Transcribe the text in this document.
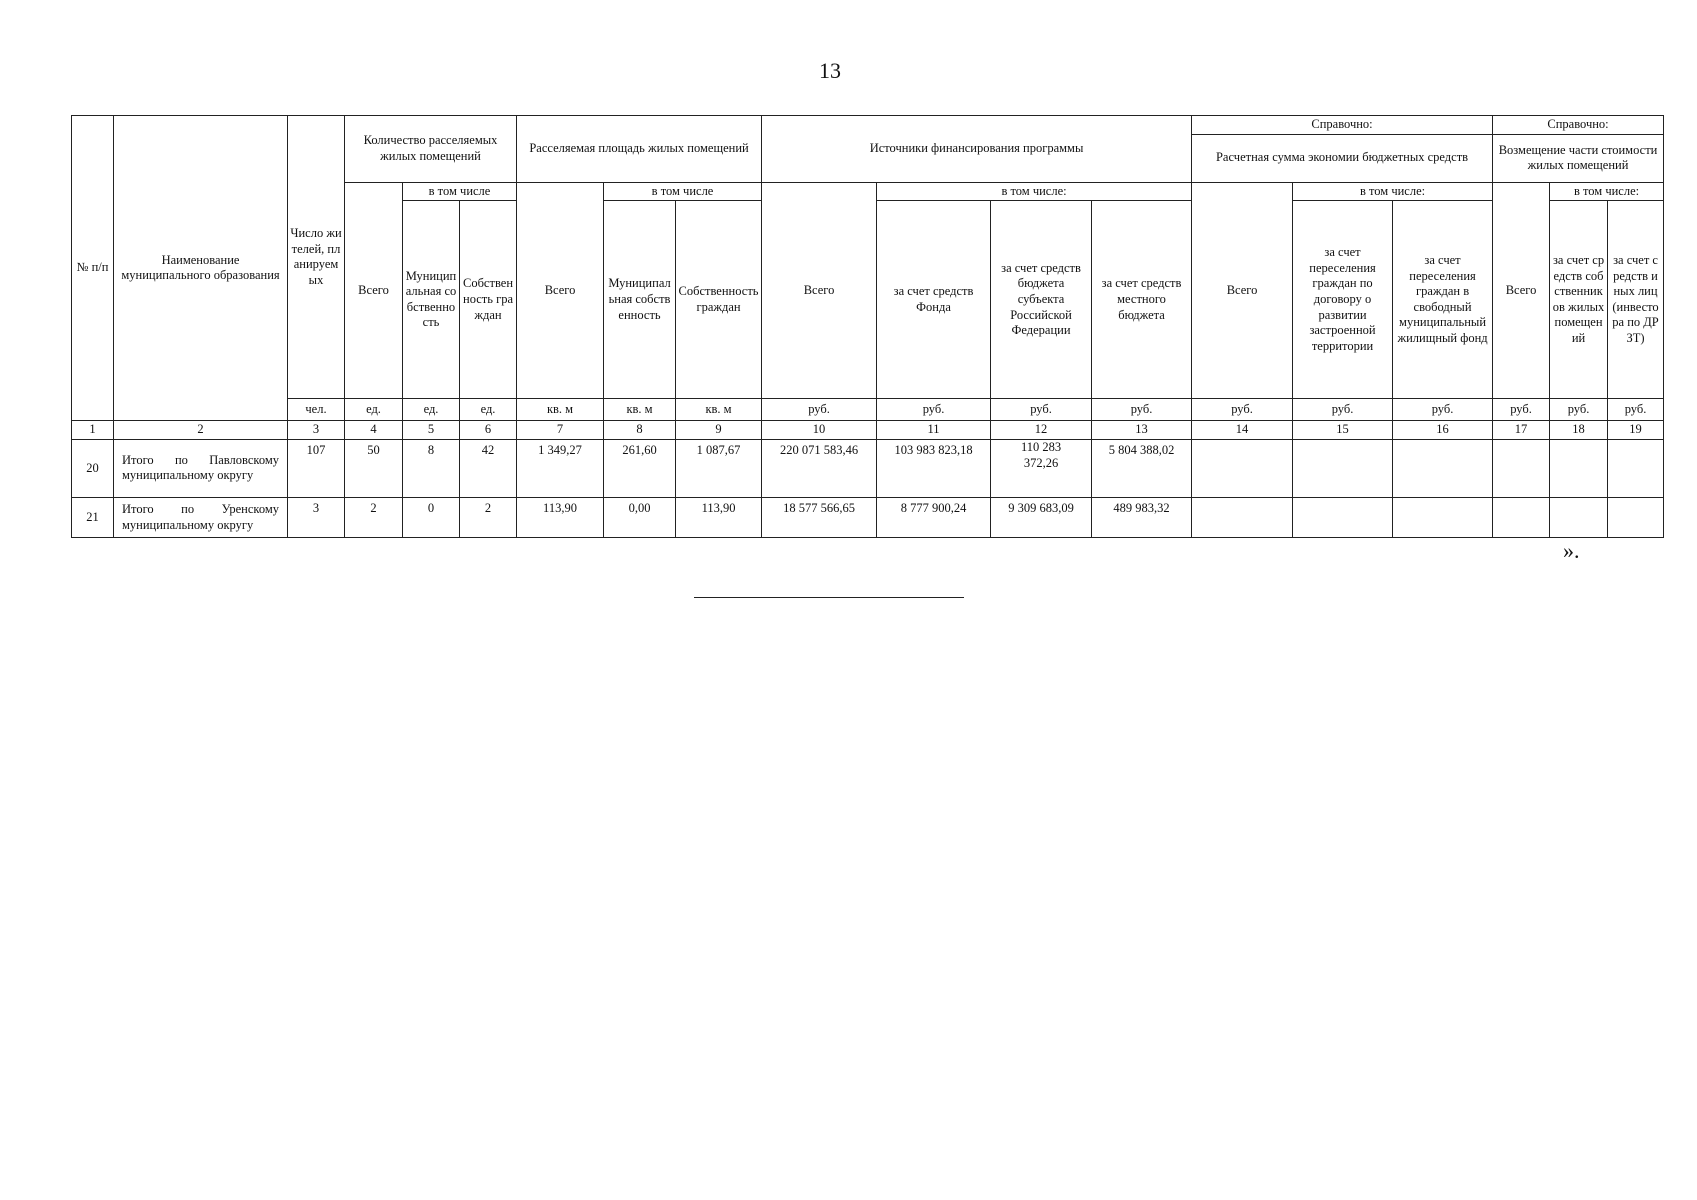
13
№ п/п	Наименование муниципального образования	Число жителей, планируемых	Количество расселяемых жилых помещений			Расселяемая площадь жилых помещений			Источники финансирования программы				Справочно:			Справочно:		
													Расчетная сумма экономии бюджетных средств			Возмещение части стоимости жилых помещений		
			Всего	в том числе		Всего	в том числе		Всего	в том числе:			Всего	в том числе:		Всего	в том числе:	
				Муниципальная собственность	Собственность граждан		Муниципальная собственность	Собственность граждан		за счет средств Фонда	за счет средств бюджета субъекта Российской Федерации	за счет средств местного бюджета		за счет переселения граждан по договору о развитии застроенной территории	за счет переселения граждан в свободный муниципальный жилищный фонд		за счет средств собственников жилых помещений	за счет средств иных лиц (инвестора по ДРЗТ)
		чел.	ед.	ед.	ед.	кв. м	кв. м	кв. м	руб.	руб.	руб.	руб.	руб.	руб.	руб.	руб.	руб.	руб.
1	2	3	4	5	6	7	8	9	10	11	12	13	14	15	16	17	18	19
20	Итого по Павловскому муниципальному округу	107	50	8	42	1 349,27	261,60	1 087,67	220 071 583,46	103 983 823,18	110 283 372,26	5 804 388,02						
21	Итого по Уренскому муниципальному округу	3	2	0	2	113,90	0,00	113,90	18 577 566,65	8 777 900,24	9 309 683,09	489 983,32						
».
